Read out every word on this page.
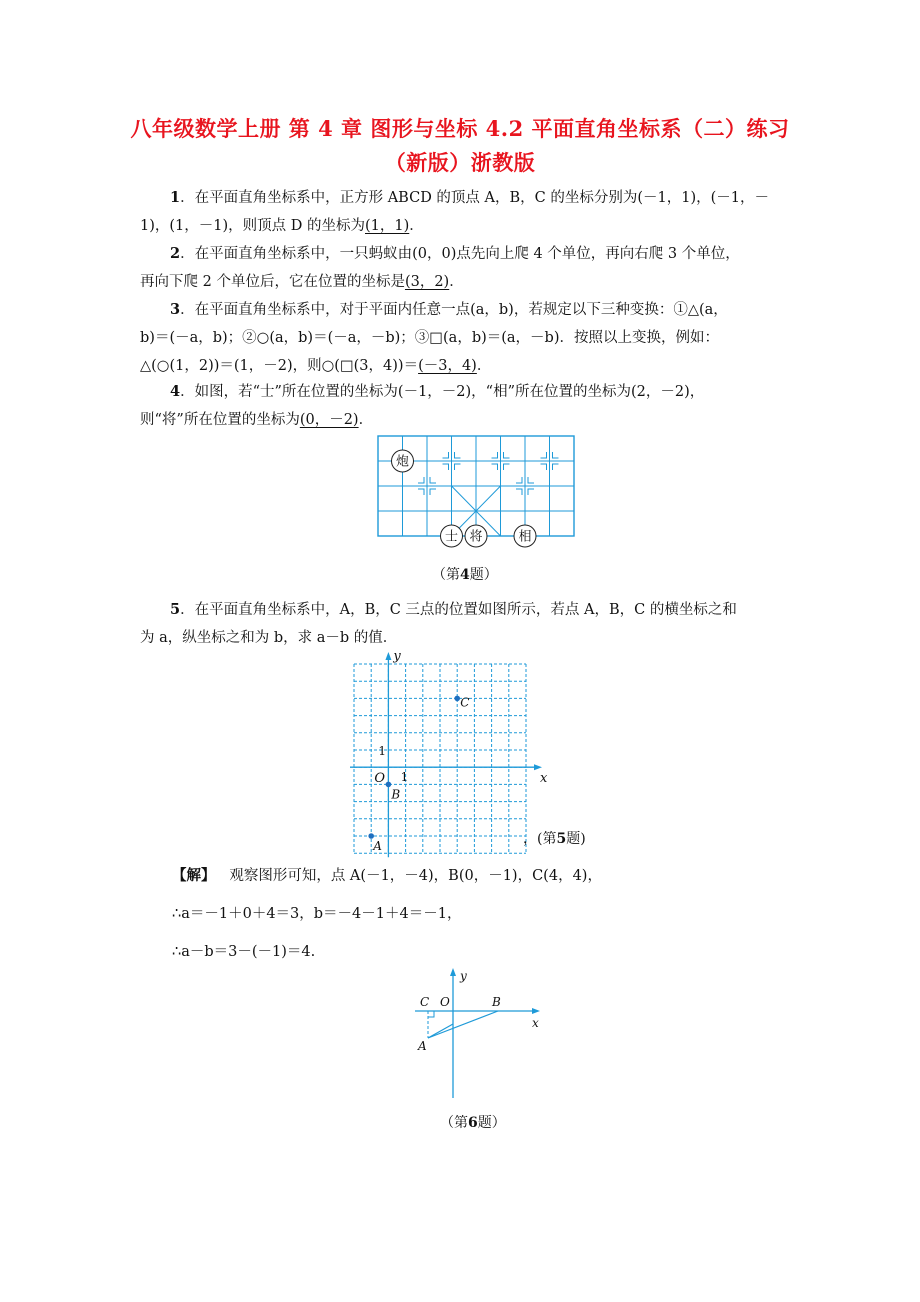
八年级数学上册 第 4 章 图形与坐标 4.2 平面直角坐标系（二）练习
（新版）浙教版
1．在平面直角坐标系中，正方形 ABCD 的顶点 A，B，C 的坐标分别为(－1，1)，(－1，－
1)，(1，－1)，则顶点 D 的坐标为(1，1)．
2．在平面直角坐标系中，一只蚂蚁由(0，0)点先向上爬 4 个单位，再向右爬 3 个单位，
再向下爬 2 个单位后，它在位置的坐标是(3，2)．
3．在平面直角坐标系中，对于平面内任意一点(a，b)，若规定以下三种变换：①△(a，
b)＝(－a，b)；②○(a，b)＝(－a，－b)；③□(a，b)＝(a，－b)．按照以上变换，例如：
△(○(1，2))＝(1，－2)，则○(□(3，4))＝(－3，4)．
4．如图，若“士”所在位置的坐标为(－1，－2)，“相”所在位置的坐标为(2，－2)，
则“将”所在位置的坐标为(0，－2)．
炮
士 将	相
（第4题）
5．在平面直角坐标系中，A，B，C 三点的位置如图所示，若点 A，B，C 的横坐标之和
为 a，纵坐标之和为 b，求 a－b 的值．
x
y
O 1
1
A
B
C
，(第5题)
【解】 观察图形可知，点 A(－1，－4)，B(0，－1)，C(4，4)，
∴a＝－1＋0＋4＝3，b＝－4－1＋4＝－1，
∴a－b＝3－(－1)＝4.
x
y
O
C	B
A
（第6题）
